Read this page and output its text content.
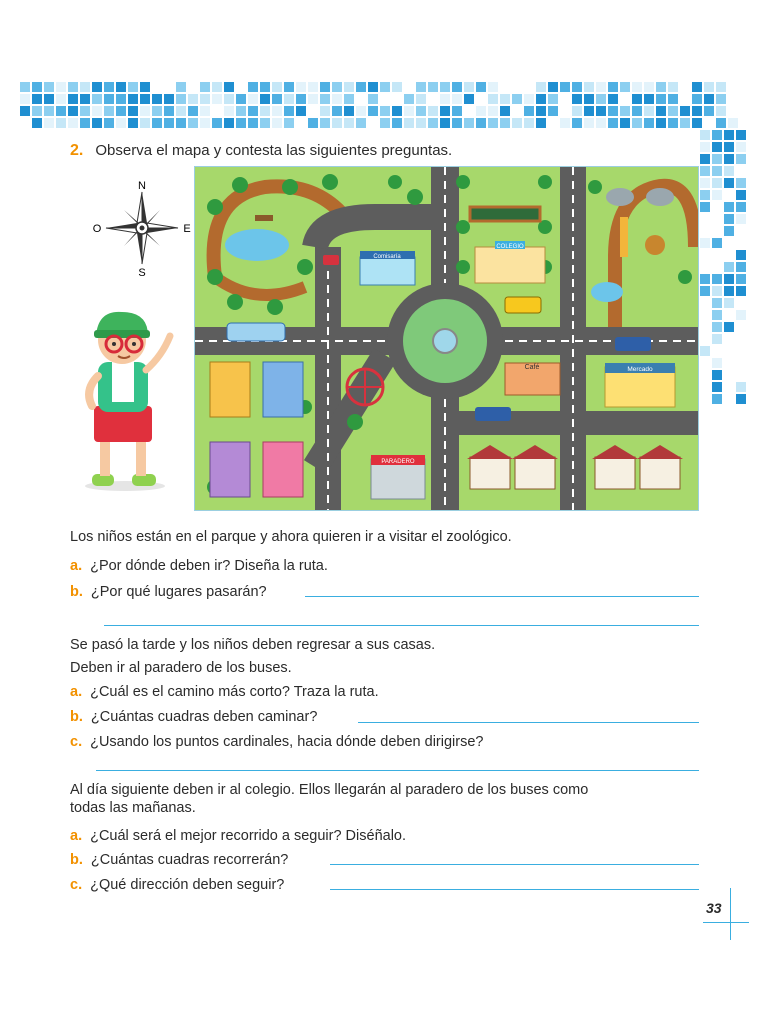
2. Observa el mapa y contesta las siguientes preguntas.
N
S
E
O
COLEGIO
Comisaría
Café	Mercado
PARADERO
Los niños están en el parque y ahora quieren ir a visitar el zoológico.
a. ¿Por dónde deben ir? Diseña la ruta.
b. ¿Por qué lugares pasarán?
Se pasó la tarde y los niños deben regresar a sus casas.
Deben ir al paradero de los buses.
a. ¿Cuál es el camino más corto? Traza la ruta.
b. ¿Cuántas cuadras deben caminar?
c. ¿Usando los puntos cardinales, hacia dónde deben dirigirse?
Al día siguiente deben ir al colegio. Ellos llegarán al paradero de los buses como
todas las mañanas.
a. ¿Cuál será el mejor recorrido a seguir? Diséñalo.
b. ¿Cuántas cuadras recorrerán?
c. ¿Qué dirección deben seguir?
33
